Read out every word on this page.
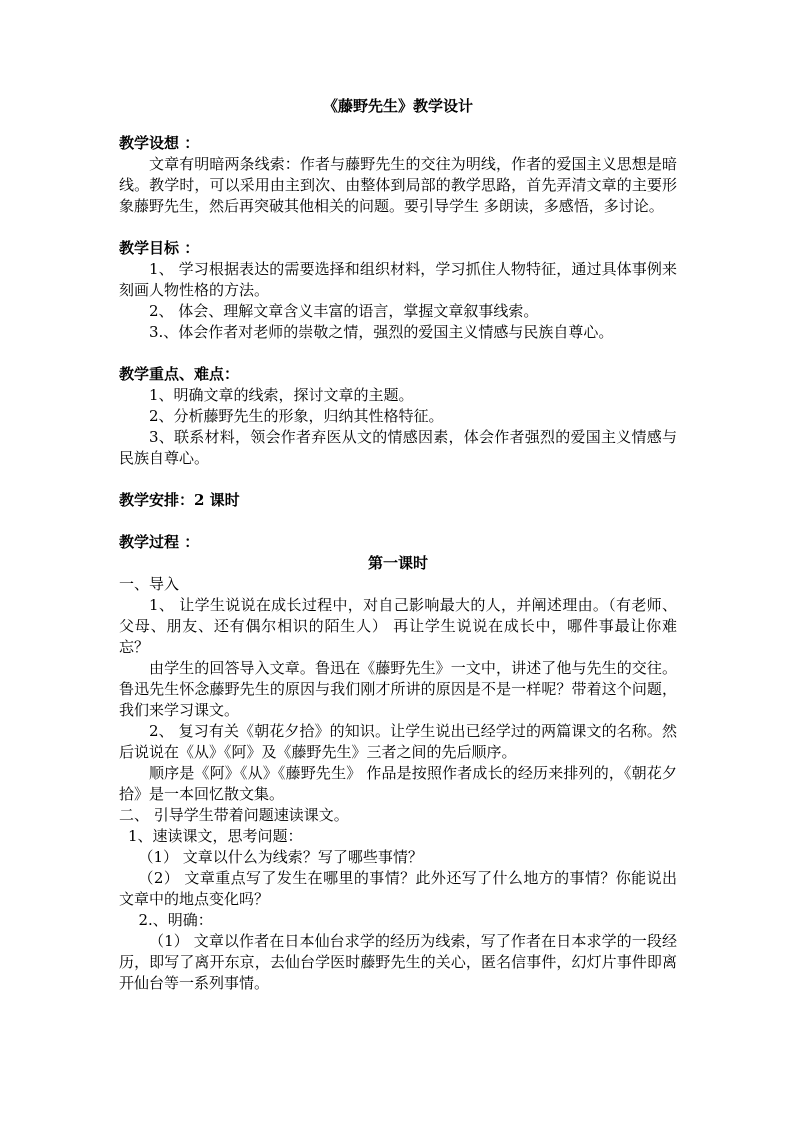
《藤野先生》教学设计

教学设想 ：

文章有明暗两条线索：作者与藤野先生的交往为明线，作者的爱国主义思想是暗线。教学时，可以采用由主到次、由整体到局部的教学思路，首先弄清文章的主要形象藤野先生，然后再突破其他相关的问题。要引导学生 多朗读，多感悟，多讨论。

教学目标 ：

1、 学习根据表达的需要选择和组织材料，学习抓住人物特征，通过具体事例来刻画人物性格的方法。

2、 体会、理解文章含义丰富的语言，掌握文章叙事线索。

3.、体会作者对老师的崇敬之情，强烈的爱国主义情感与民族自尊心。

教学重点、难点：

1、明确文章的线索，探讨文章的主题。

2、分析藤野先生的形象，归纳其性格特征。

3、联系材料，领会作者弃医从文的情感因素，体会作者强烈的爱国主义情感与民族自尊心。

教学安排：2 课时

教学过程 ：

第一课时

一、导入

1、 让学生说说在成长过程中，对自己影响最大的人，并阐述理由。（有老师、 父母、朋友、还有偶尔相识的陌生人） 再让学生说说在成长中，哪件事最让你难忘？

由学生的回答导入文章。鲁迅在《藤野先生》一文中，讲述了他与先生的交往。鲁迅先生怀念藤野先生的原因与我们刚才所讲的原因是不是一样呢？带着这个问题，我们来学习课文。

2、 复习有关《朝花夕拾》的知识。让学生说出已经学过的两篇课文的名称。然后说说在《从》《阿》及《藤野先生》三者之间的先后顺序。

顺序是《阿》《从》《藤野先生》 作品是按照作者成长的经历来排列的，《朝花夕拾》是一本回忆散文集。

二、 引导学生带着问题速读课文。

1、速读课文，思考问题：

（1） 文章以什么为线索？写了哪些事情？

（2） 文章重点写了发生在哪里的事情？此外还写了什么地方的事情？你能说出文章中的地点变化吗？

2.、明确：

（1） 文章以作者在日本仙台求学的经历为线索，写了作者在日本求学的一段经历，即写了离开东京，去仙台学医时藤野先生的关心，匿名信事件，幻灯片事件即离开仙台等一系列事情。
